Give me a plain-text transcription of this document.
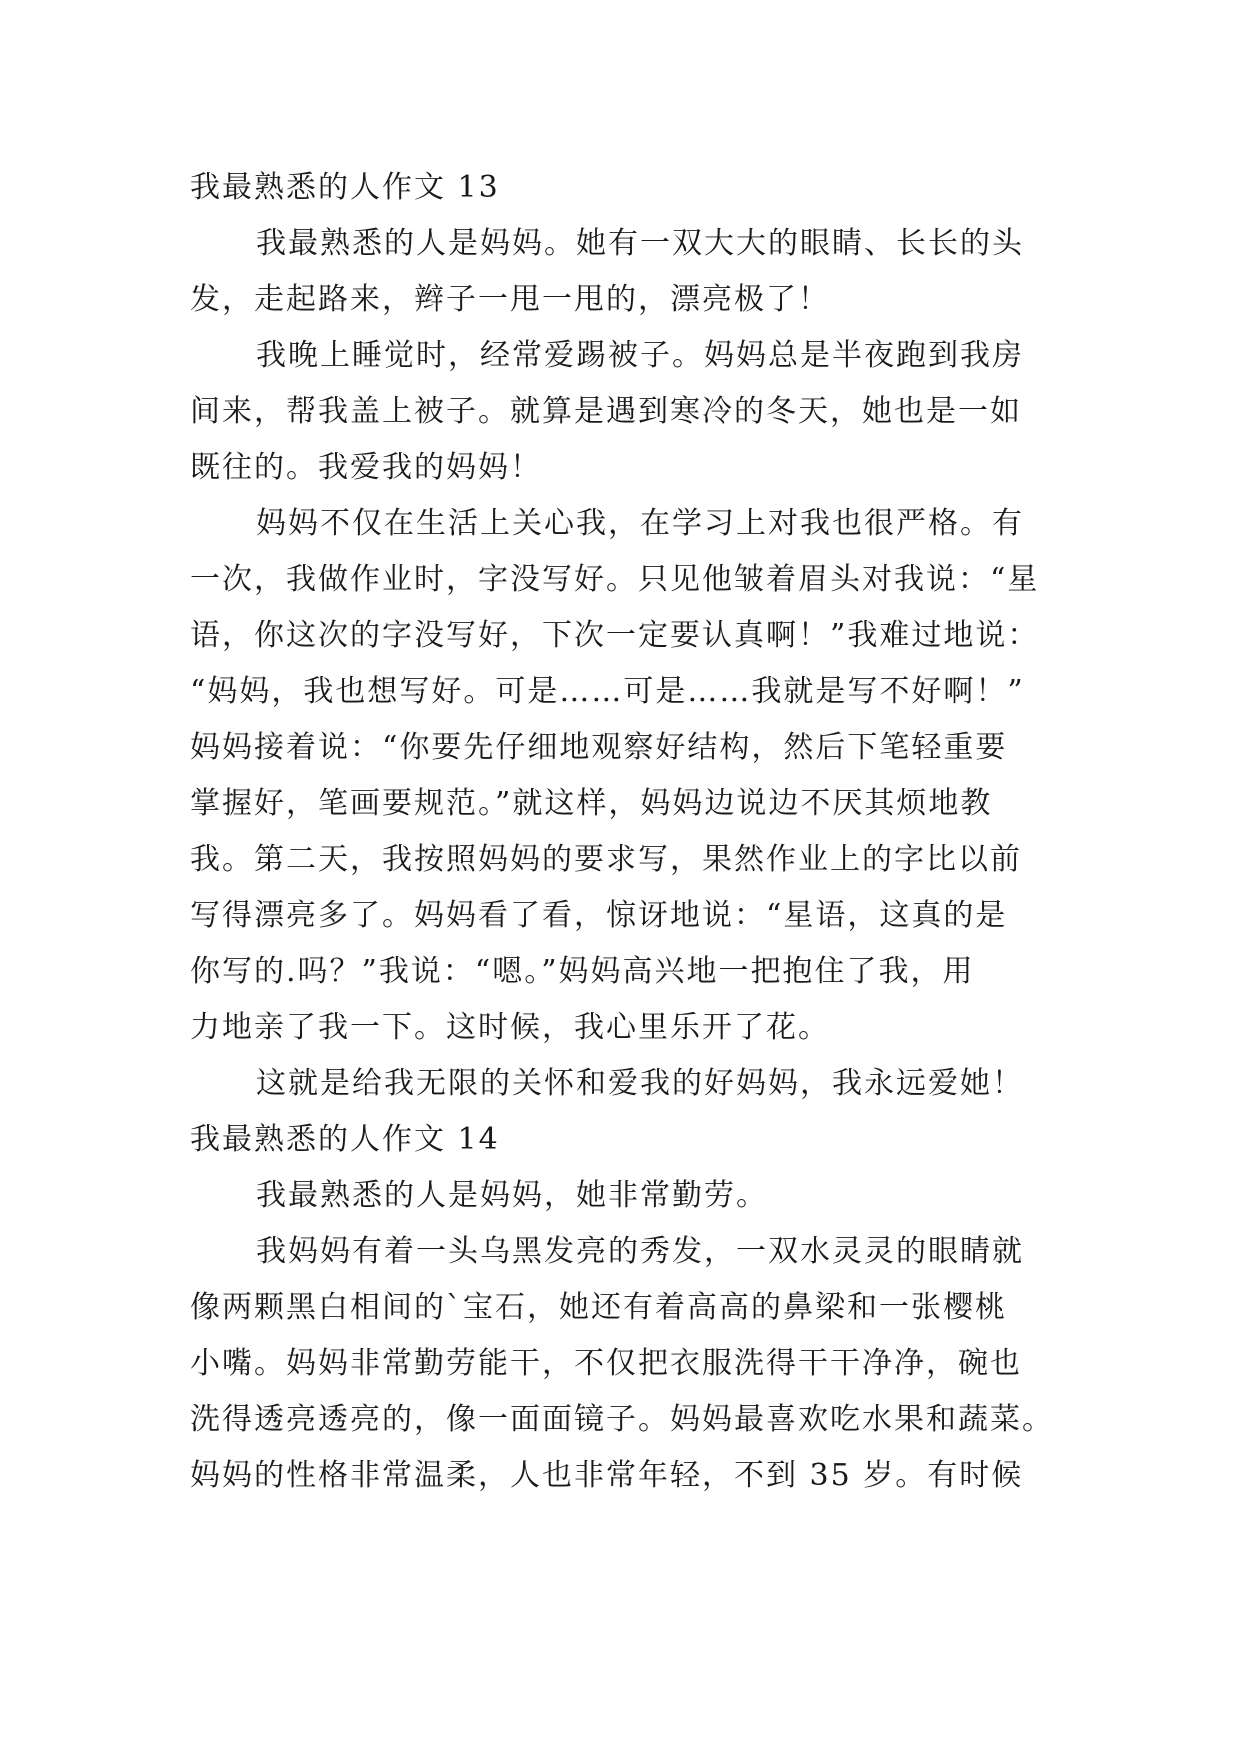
我最熟悉的人作文 13
我最熟悉的人是妈妈。她有一双大大的眼睛、长长的头
发，走起路来，辫子一甩一甩的，漂亮极了！
我晚上睡觉时，经常爱踢被子。妈妈总是半夜跑到我房
间来，帮我盖上被子。就算是遇到寒冷的冬天，她也是一如
既往的。我爱我的妈妈！
妈妈不仅在生活上关心我，在学习上对我也很严格。有
一次，我做作业时，字没写好。只见他皱着眉头对我说：“星
语，你这次的字没写好，下次一定要认真啊！”我难过地说：
“妈妈，我也想写好。可是……可是……我就是写不好啊！”
妈妈接着说：“你要先仔细地观察好结构，然后下笔轻重要
掌握好，笔画要规范。”就这样，妈妈边说边不厌其烦地教
我。第二天，我按照妈妈的要求写，果然作业上的字比以前
写得漂亮多了。妈妈看了看，惊讶地说：“星语，这真的是
你写的.吗？”我说：“嗯。”妈妈高兴地一把抱住了我，用
力地亲了我一下。这时候，我心里乐开了花。
这就是给我无限的关怀和爱我的好妈妈，我永远爱她！
我最熟悉的人作文 14
我最熟悉的人是妈妈，她非常勤劳。
我妈妈有着一头乌黑发亮的秀发，一双水灵灵的眼睛就
像两颗黑白相间的`宝石，她还有着高高的鼻梁和一张樱桃
小嘴。妈妈非常勤劳能干，不仅把衣服洗得干干净净，碗也
洗得透亮透亮的，像一面面镜子。妈妈最喜欢吃水果和蔬菜。
妈妈的性格非常温柔，人也非常年轻，不到 35 岁。有时候
